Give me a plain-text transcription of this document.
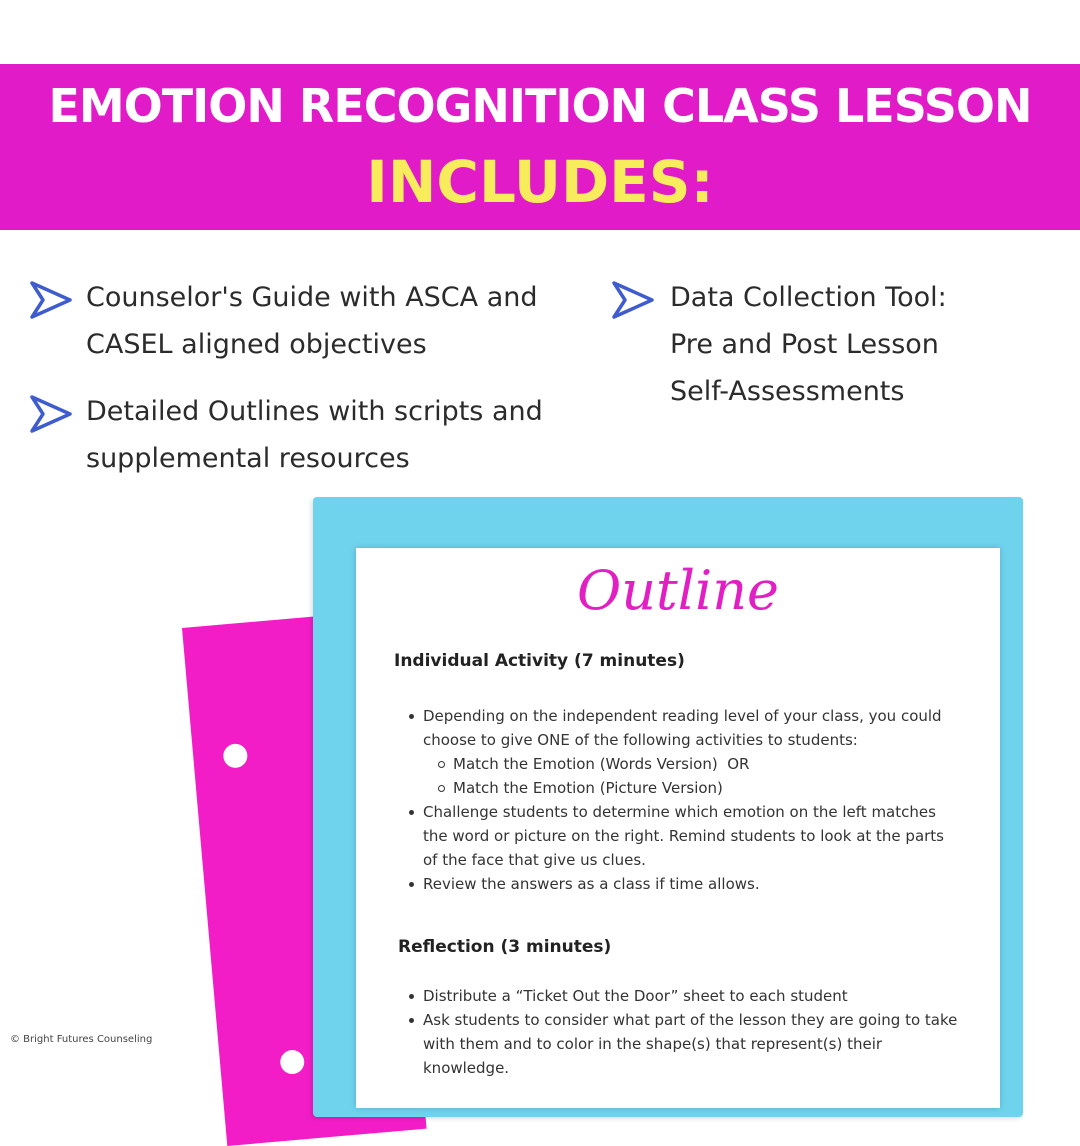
EMOTION RECOGNITION CLASS LESSON
INCLUDES:
Counselor's Guide with ASCA and
CASEL aligned objectives
Data Collection Tool:
Pre and Post Lesson
Self-Assessments
Detailed Outlines with scripts and
supplemental resources
Outline
Individual Activity (7 minutes)
Depending on the independent reading level of your class, you could
choose to give ONE of the following activities to students:
Match the Emotion (Words Version)  OR
Match the Emotion (Picture Version)
Challenge students to determine which emotion on the left matches
the word or picture on the right. Remind students to look at the parts
of the face that give us clues.
Review the answers as a class if time allows.
Reflection (3 minutes)
Distribute a “Ticket Out the Door” sheet to each student
Ask students to consider what part of the lesson they are going to take
with them and to color in the shape(s) that represent(s) their
knowledge.
© Bright Futures Counseling
